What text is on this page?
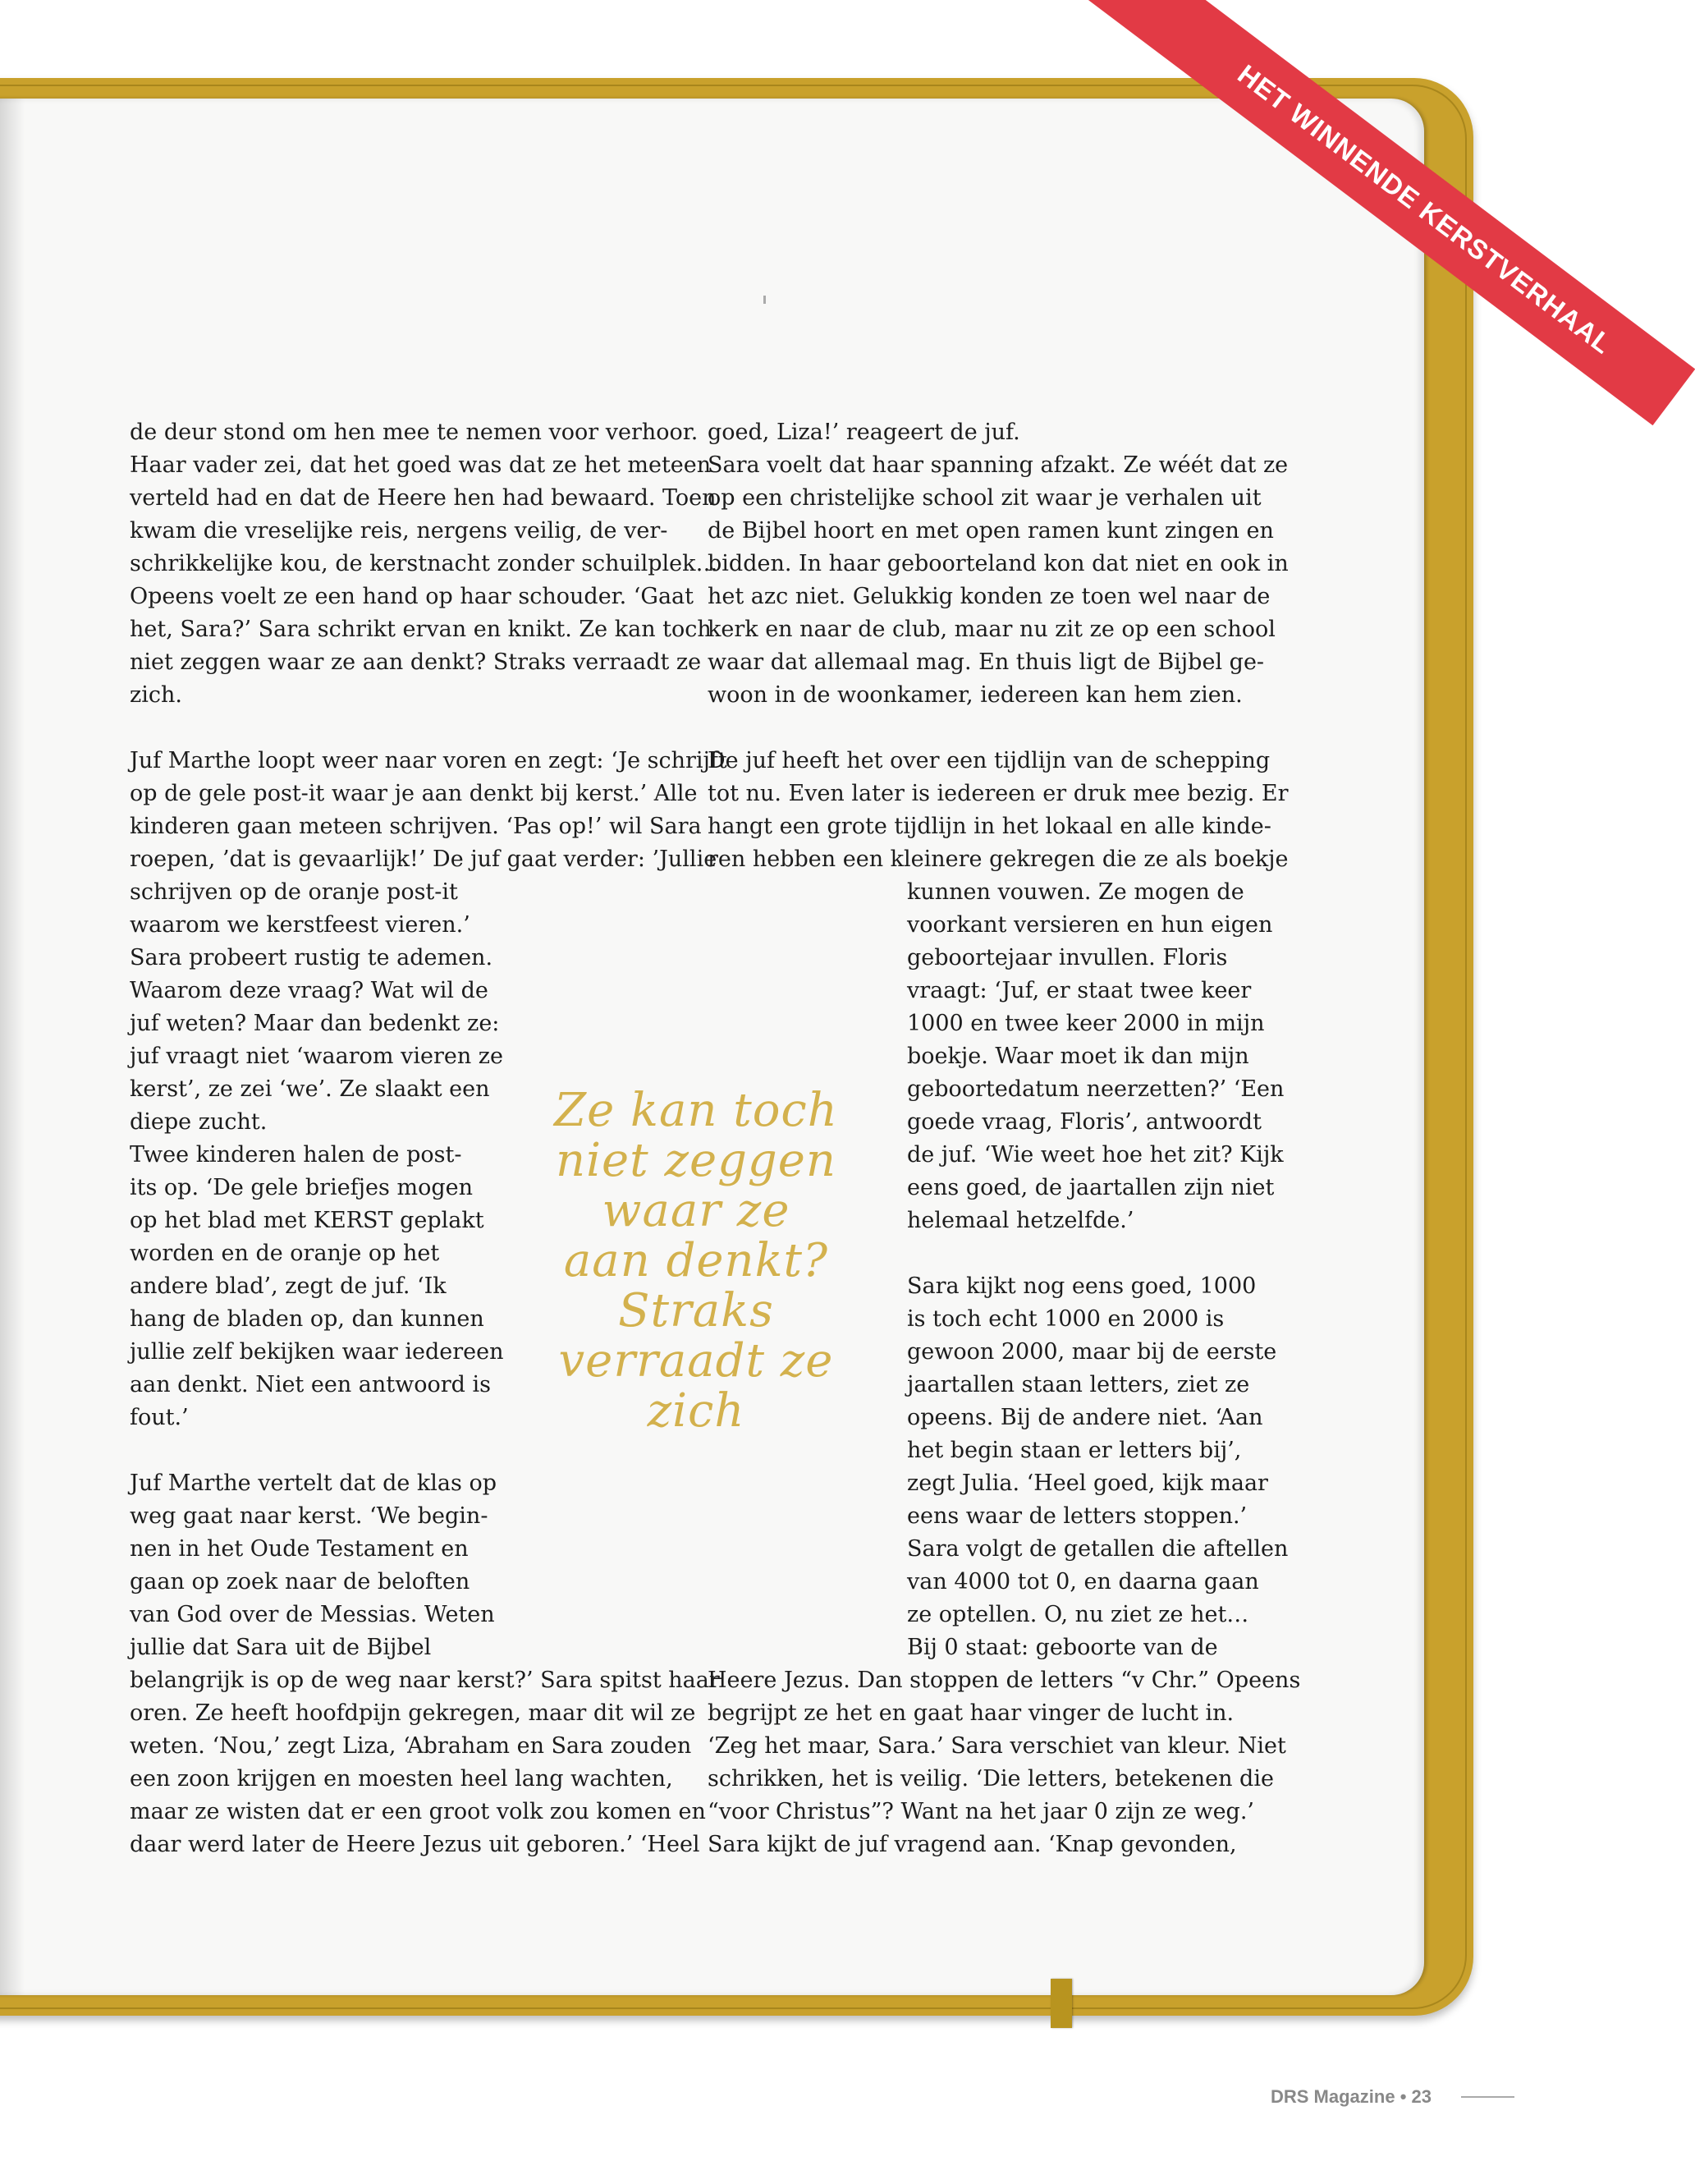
HET WINNENDE KERSTVERHAAL

de deur stond om hen mee te nemen voor verhoor.

Haar vader zei, dat het goed was dat ze het meteen

verteld had en dat de Heere hen had bewaard. Toen

kwam die vreselijke reis, nergens veilig, de ver-

schrikkelijke kou, de kerstnacht zonder schuilplek…

Opeens voelt ze een hand op haar schouder. ‘Gaat

het, Sara?’ Sara schrikt ervan en knikt. Ze kan toch

niet zeggen waar ze aan denkt? Straks verraadt ze

zich.

Juf Marthe loopt weer naar voren en zegt: ‘Je schrijft

op de gele post-it waar je aan denkt bij kerst.’ Alle

kinderen gaan meteen schrijven. ‘Pas op!’ wil Sara

roepen, ’dat is gevaarlijk!’ De juf gaat verder: ’Jullie

schrijven op de oranje post-it

waarom we kerstfeest vieren.’

Sara probeert rustig te ademen.

Waarom deze vraag? Wat wil de

juf weten? Maar dan bedenkt ze:

juf vraagt niet ‘waarom vieren ze

kerst’, ze zei ‘we’. Ze slaakt een

diepe zucht.

Twee kinderen halen de post-

its op. ‘De gele briefjes mogen

op het blad met KERST geplakt

worden en de oranje op het

andere blad’, zegt de juf. ‘Ik

hang de bladen op, dan kunnen

jullie zelf bekijken waar iedereen

aan denkt. Niet een antwoord is

fout.’

Juf Marthe vertelt dat de klas op

weg gaat naar kerst. ‘We begin-

nen in het Oude Testament en

gaan op zoek naar de beloften

van God over de Messias. Weten

jullie dat Sara uit de Bijbel

belangrijk is op de weg naar kerst?’ Sara spitst haar

oren. Ze heeft hoofdpijn gekregen, maar dit wil ze

weten. ‘Nou,’ zegt Liza, ‘Abraham en Sara zouden

een zoon krijgen en moesten heel lang wachten,

maar ze wisten dat er een groot volk zou komen en

daar werd later de Heere Jezus uit geboren.’ ‘Heel

goed, Liza!’ reageert de juf.

Sara voelt dat haar spanning afzakt. Ze wéét dat ze

op een christelijke school zit waar je verhalen uit

de Bijbel hoort en met open ramen kunt zingen en

bidden. In haar geboorteland kon dat niet en ook in

het azc niet. Gelukkig konden ze toen wel naar de

kerk en naar de club, maar nu zit ze op een school

waar dat allemaal mag. En thuis ligt de Bijbel ge-

woon in de woonkamer, iedereen kan hem zien.

De juf heeft het over een tijdlijn van de schepping

tot nu. Even later is iedereen er druk mee bezig. Er

hangt een grote tijdlijn in het lokaal en alle kinde-

ren hebben een kleinere gekregen die ze als boekje

kunnen vouwen. Ze mogen de

voorkant versieren en hun eigen

geboortejaar invullen. Floris

vraagt: ‘Juf, er staat twee keer

1000 en twee keer 2000 in mijn

boekje. Waar moet ik dan mijn

geboortedatum neerzetten?’ ‘Een

goede vraag, Floris’, antwoordt

de juf. ‘Wie weet hoe het zit? Kijk

eens goed, de jaartallen zijn niet

helemaal hetzelfde.’

Sara kijkt nog eens goed, 1000

is toch echt 1000 en 2000 is

gewoon 2000, maar bij de eerste

jaartallen staan letters, ziet ze

opeens. Bij de andere niet. ‘Aan

het begin staan er letters bij’,

zegt Julia. ‘Heel goed, kijk maar

eens waar de letters stoppen.’

Sara volgt de getallen die aftellen

van 4000 tot 0, en daarna gaan

ze optellen. O, nu ziet ze het…

Bij 0 staat: geboorte van de

Heere Jezus. Dan stoppen de letters “v Chr.” Opeens

begrijpt ze het en gaat haar vinger de lucht in.

‘Zeg het maar, Sara.’ Sara verschiet van kleur. Niet

schrikken, het is veilig. ‘Die letters, betekenen die

“voor Christus”? Want na het jaar 0 zijn ze weg.’

Sara kijkt de juf vragend aan. ‘Knap gevonden,

Ze kan toch

niet zeggen

waar ze

aan denkt?

Straks

verraadt ze

zich

DRS Magazine • 23
